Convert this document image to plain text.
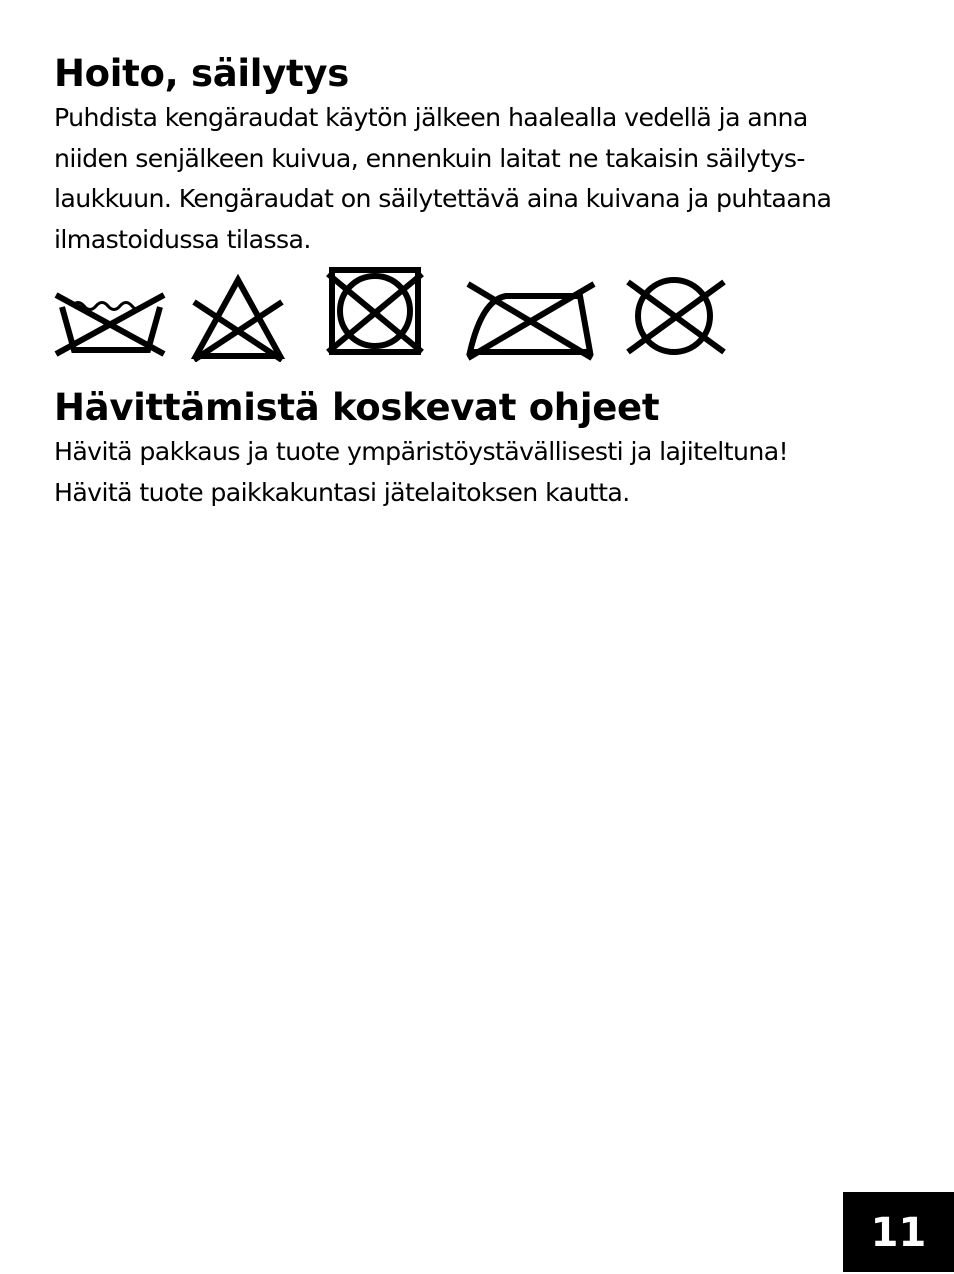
Hoito, säilytys

Puhdista kengäraudat käytön jälkeen haalealla vedellä ja anna
niiden senjälkeen kuivua, ennenkuin laitat ne takaisin säilytys-
laukkuun. Kengäraudat on säilytettävä aina kuivana ja puhtaana
ilmastoidussa tilassa.

Hävittämistä koskevat ohjeet

Hävitä pakkaus ja tuote ympäristöystävällisesti ja lajiteltuna!
Hävitä tuote paikkakuntasi jätelaitoksen kautta.

11
